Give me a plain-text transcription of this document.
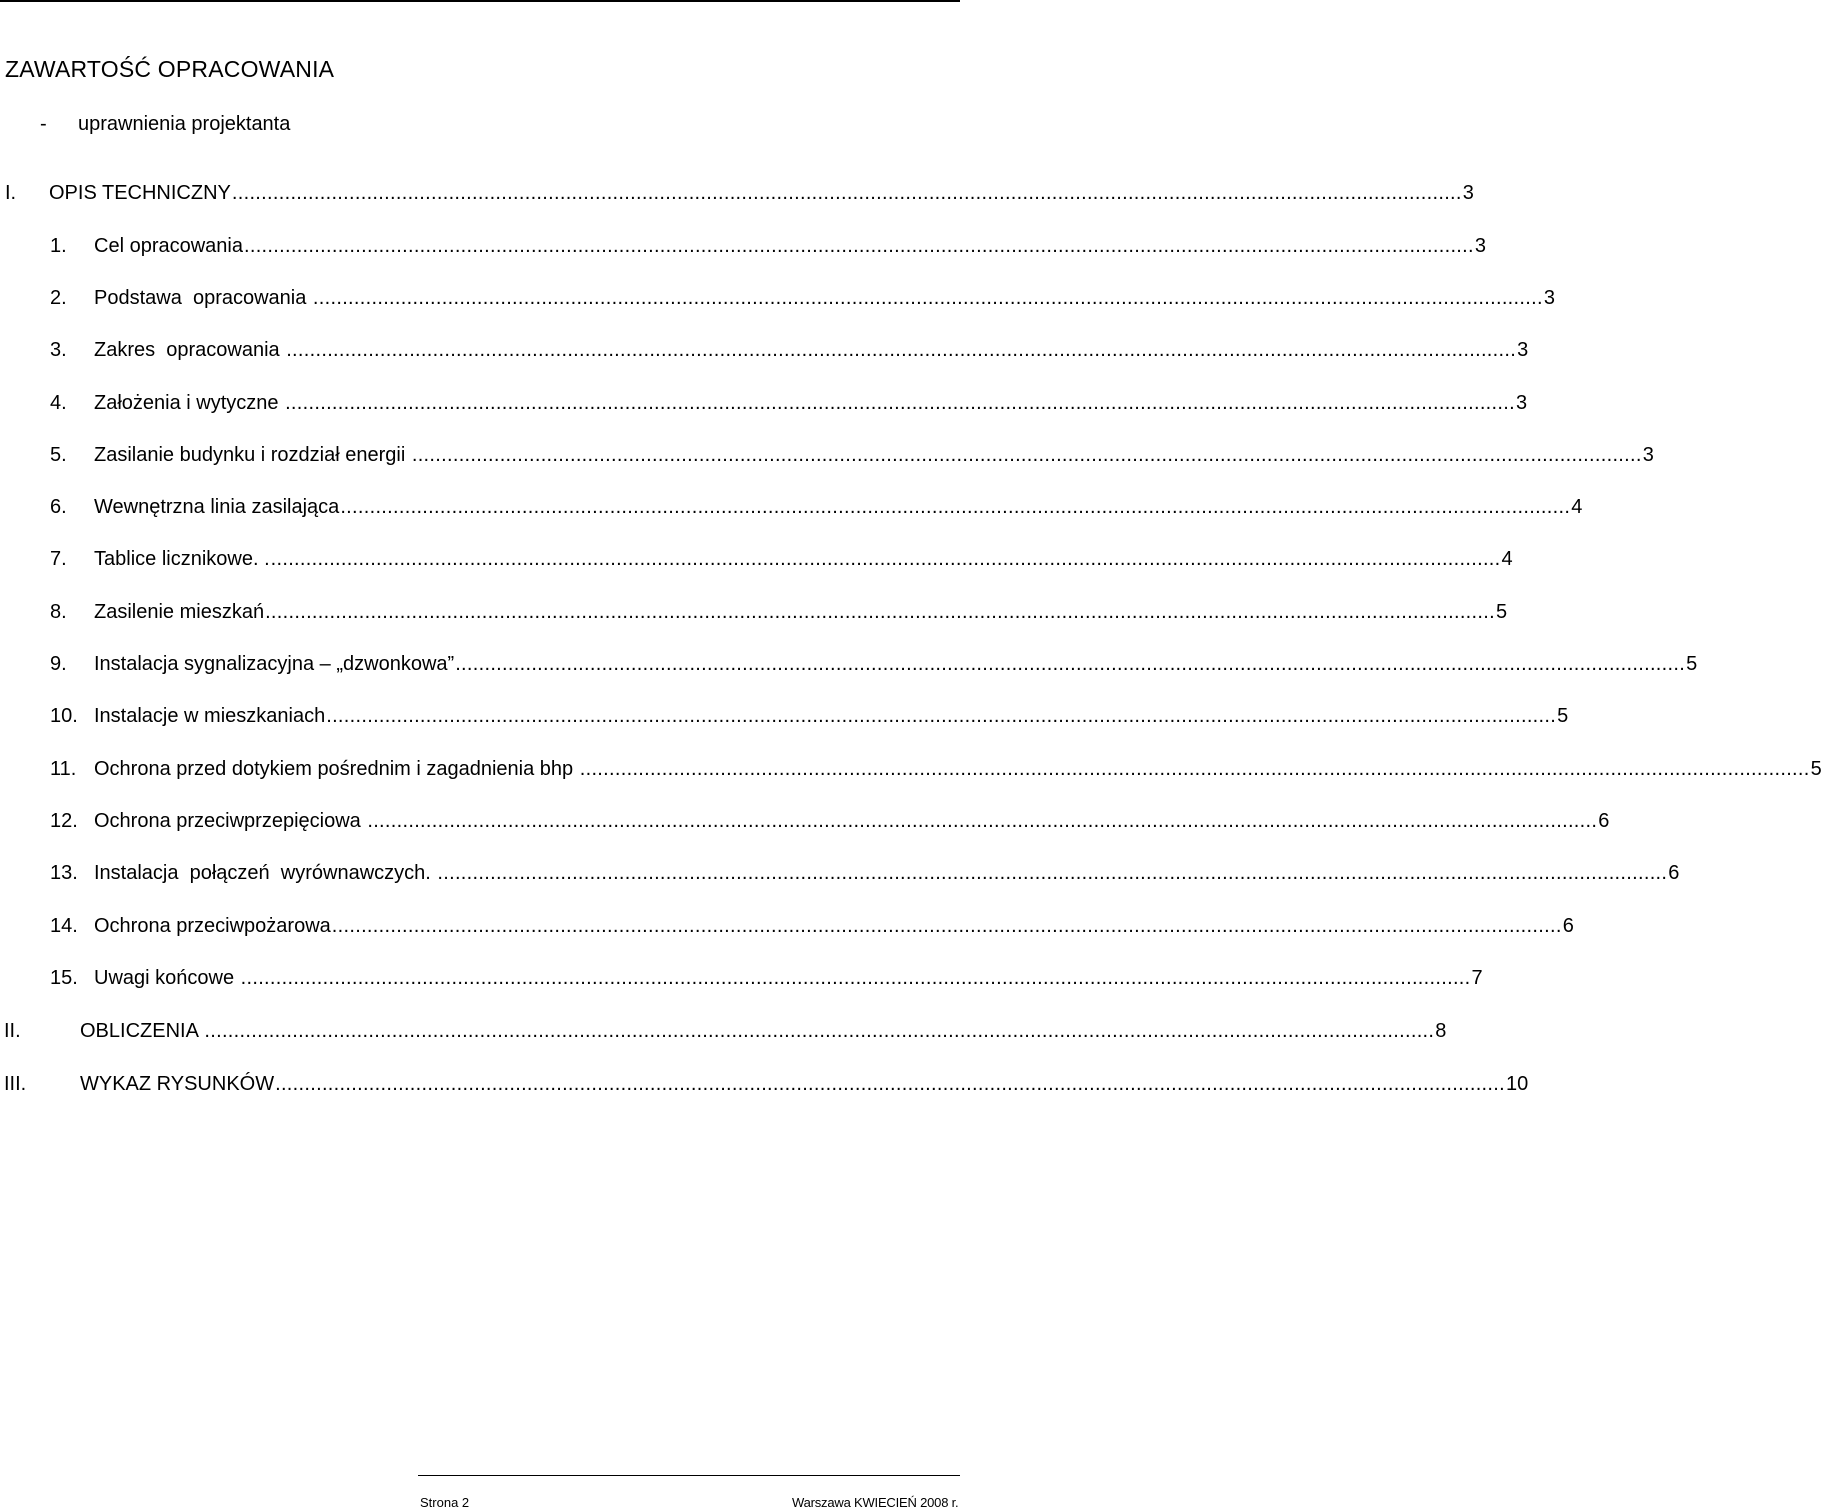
ZAWARTOŚĆ OPRACOWANIA
- uprawnienia projektanta
I.	OPIS TECHNICZNY .................................................................................................................................................................................................................. 3
1.	Cel opracowania .................................................................................................................................................................................................................. 3
2.	Podstawa  opracowania .................................................................................................................................................................................................................. 3
3.	Zakres  opracowania .................................................................................................................................................................................................................. 3
4.	Założenia i wytyczne .................................................................................................................................................................................................................. 3
5.	Zasilanie budynku i rozdział energii .................................................................................................................................................................................................................. 3
6.	Wewnętrzna linia zasilająca .................................................................................................................................................................................................................. 4
7.	Tablice licznikowe. . .................................................................................................................................................................................................................. 4
8.	Zasilenie mieszkań .................................................................................................................................................................................................................. 5
9.	Instalacja sygnalizacyjna – „dzwonkowa” .................................................................................................................................................................................................................. 5
10. Instalacje w mieszkaniach .................................................................................................................................................................................................................. 5
11. Ochrona przed dotykiem pośrednim i zagadnienia bhp .................................................................................................................................................................................................................. 5
12. Ochrona przeciwprzepięciowa .................................................................................................................................................................................................................. 6
13. Instalacja  połączeń  wyrównawczych. .................................................................................................................................................................................................................. 6
14. Ochrona przeciwpożarowa .................................................................................................................................................................................................................. 6
15. Uwagi końcowe .................................................................................................................................................................................................................. 7
II.	OBLICZENIA .................................................................................................................................................................................................................. 8
III.	WYKAZ RYSUNKÓW .................................................................................................................................................................................................................. 10
Strona 2	Warszawa KWIECIEŃ 2008 r.
